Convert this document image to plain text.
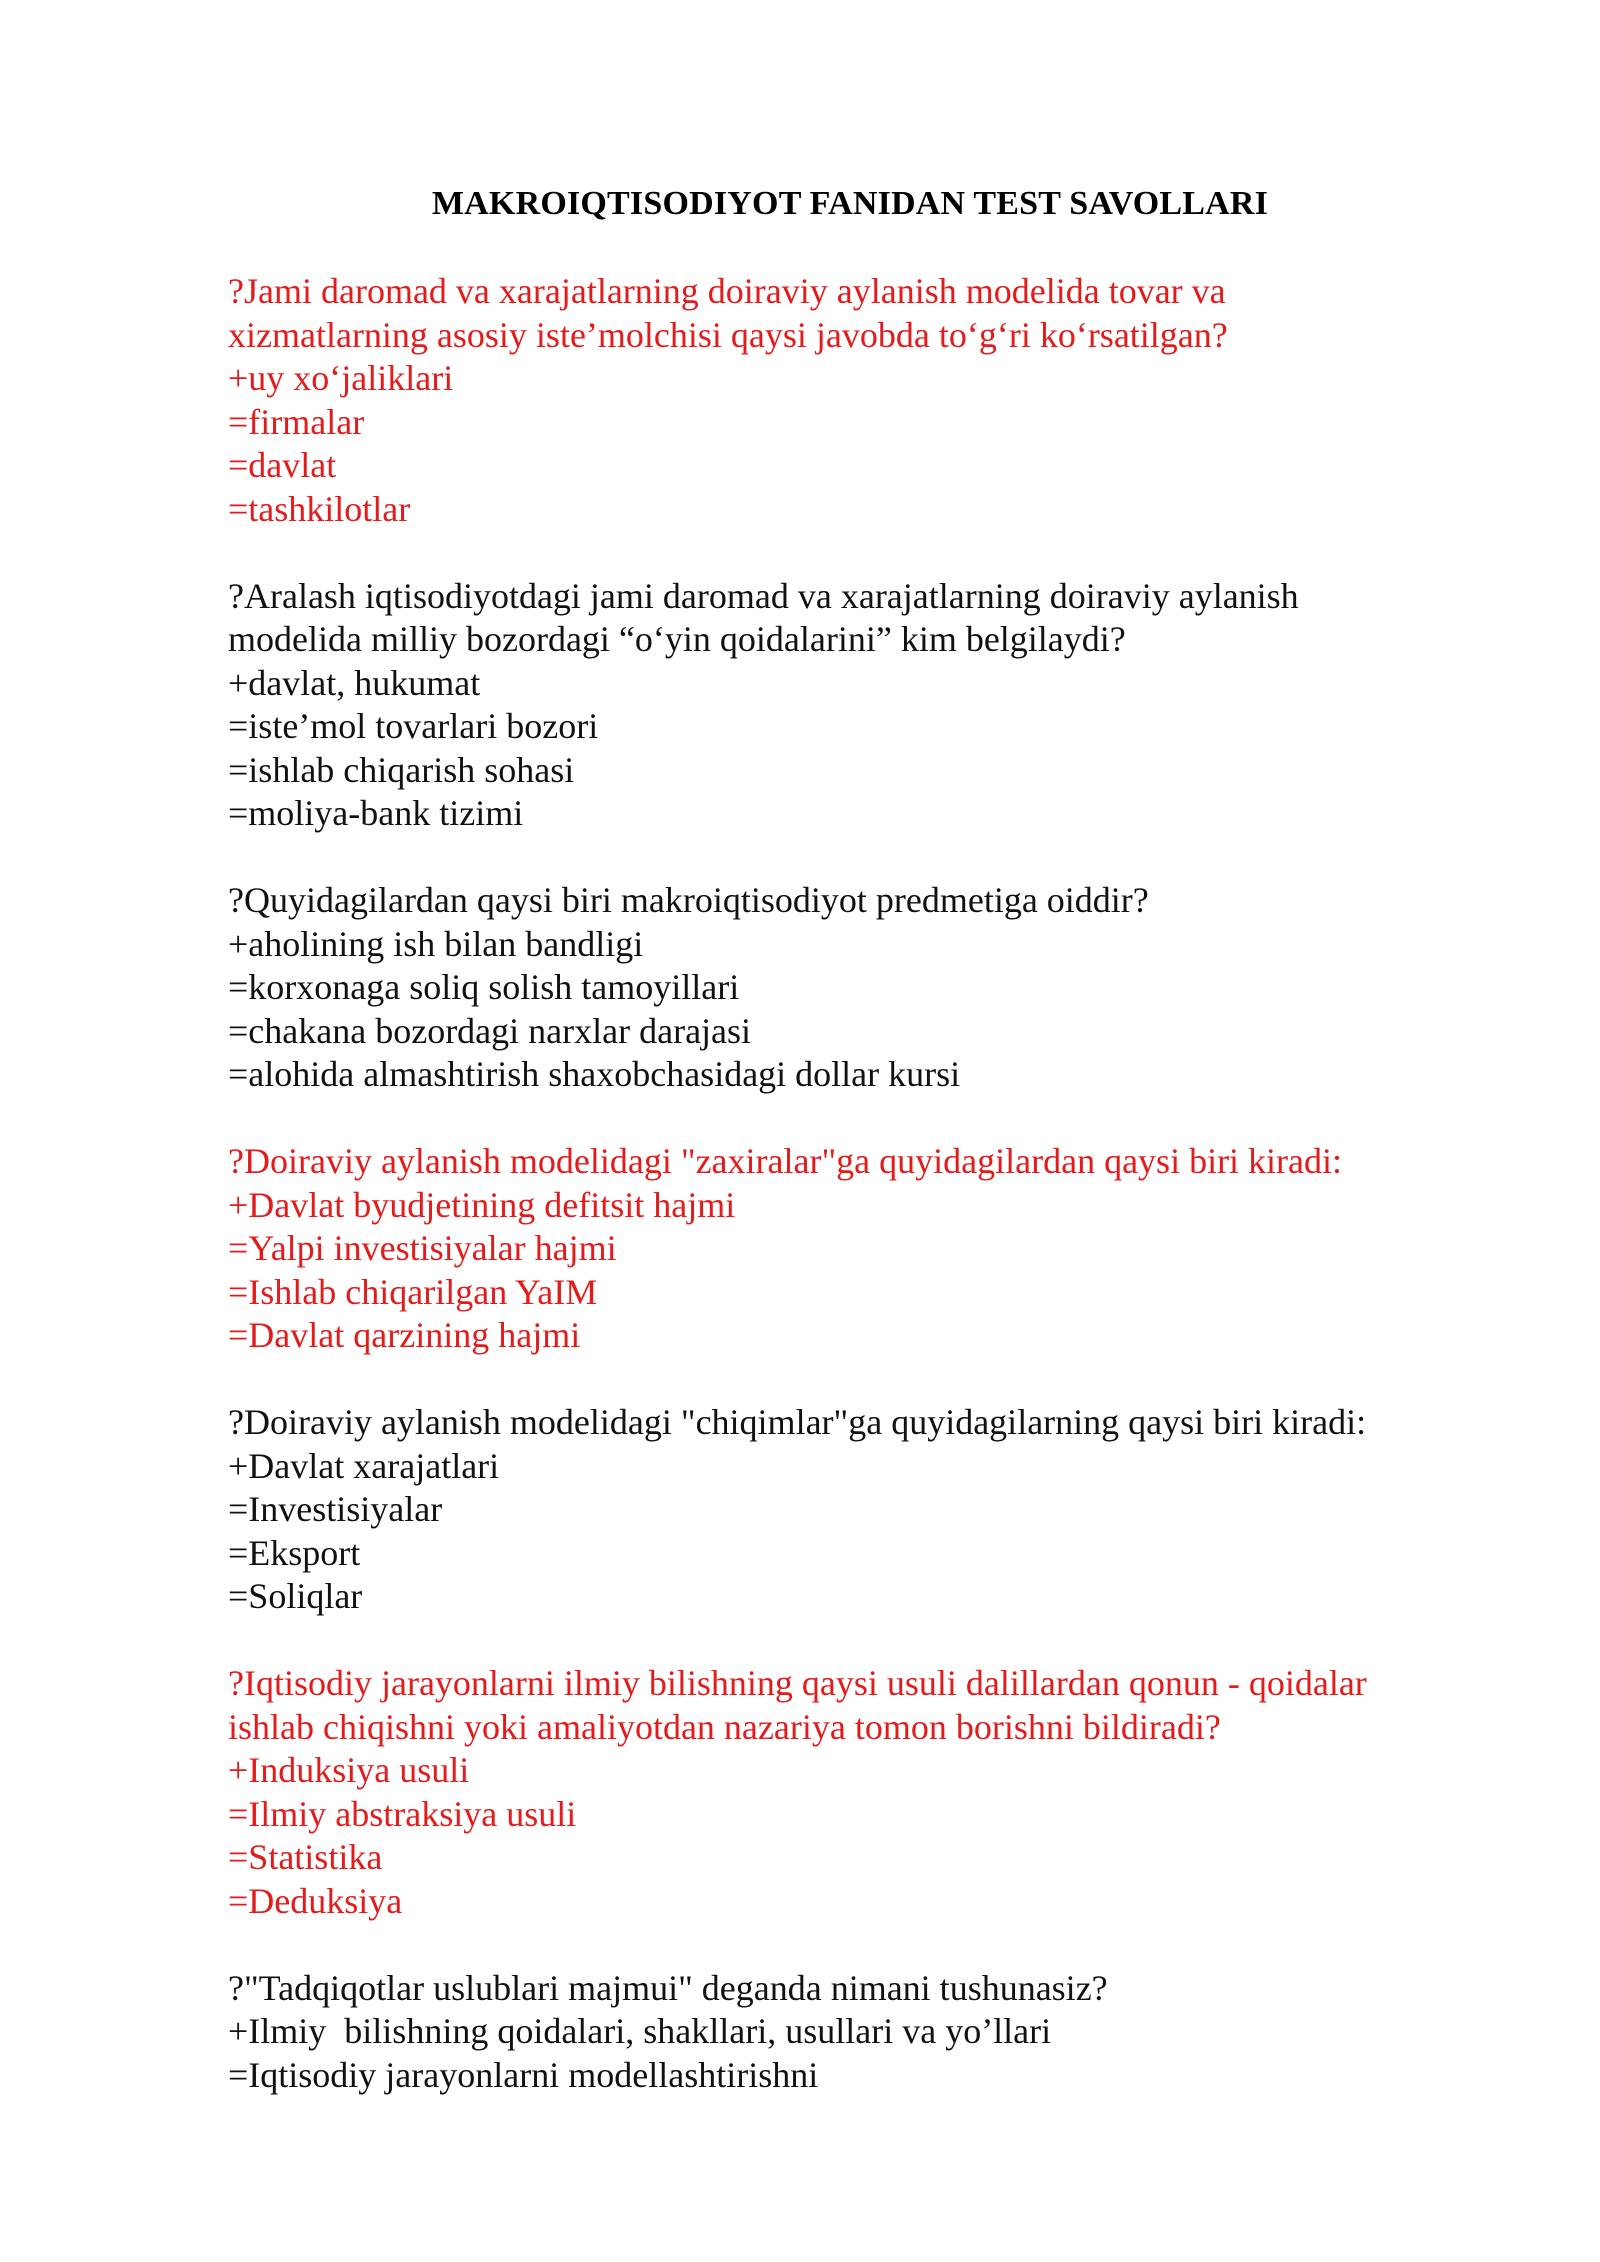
MAKROIQTISODIYOT FANIDAN TEST SAVOLLARI
?Jami daromad va xarajatlarning doiraviy aylanish modelida tovar va
xizmatlarning asosiy iste’molchisi qaysi javobda to‘g‘ri ko‘rsatilgan?
+uy xo‘jaliklari
=firmalar
=davlat
=tashkilotlar
?Aralash iqtisodiyotdagi jami daromad va xarajatlarning doiraviy aylanish
modelida milliy bozordagi “o‘yin qoidalarini” kim belgilaydi?
+davlat, hukumat
=iste’mol tovarlari bozori
=ishlab chiqarish sohasi
=moliya-bank tizimi
?Quyidagilardan qaysi biri makroiqtisodiyot predmetiga oiddir?
+aholining ish bilan bandligi
=korxonaga soliq solish tamoyillari
=chakana bozordagi narxlar darajasi
=alohida almashtirish shaxobchasidagi dollar kursi
?Doiraviy aylanish modelidagi "zaxiralar"ga quyidagilardan qaysi biri kiradi:
+Davlat byudjetining defitsit hajmi
=Yalpi investisiyalar hajmi
=Ishlab chiqarilgan YaIM
=Davlat qarzining hajmi
?Doiraviy aylanish modelidagi "chiqimlar"ga quyidagilarning qaysi biri kiradi:
+Davlat xarajatlari
=Investisiyalar
=Eksport
=Soliqlar
?Iqtisodiy jarayonlarni ilmiy bilishning qaysi usuli dalillardan qonun - qoidalar
ishlab chiqishni yoki amaliyotdan nazariya tomon borishni bildiradi?
+Induksiya usuli
=Ilmiy abstraksiya usuli
=Statistika
=Deduksiya
?"Tadqiqotlar uslublari majmui" deganda nimani tushunasiz?
+Ilmiy  bilishning qoidalari, shakllari, usullari va yo’llari
=Iqtisodiy jarayonlarni modellashtirishni
